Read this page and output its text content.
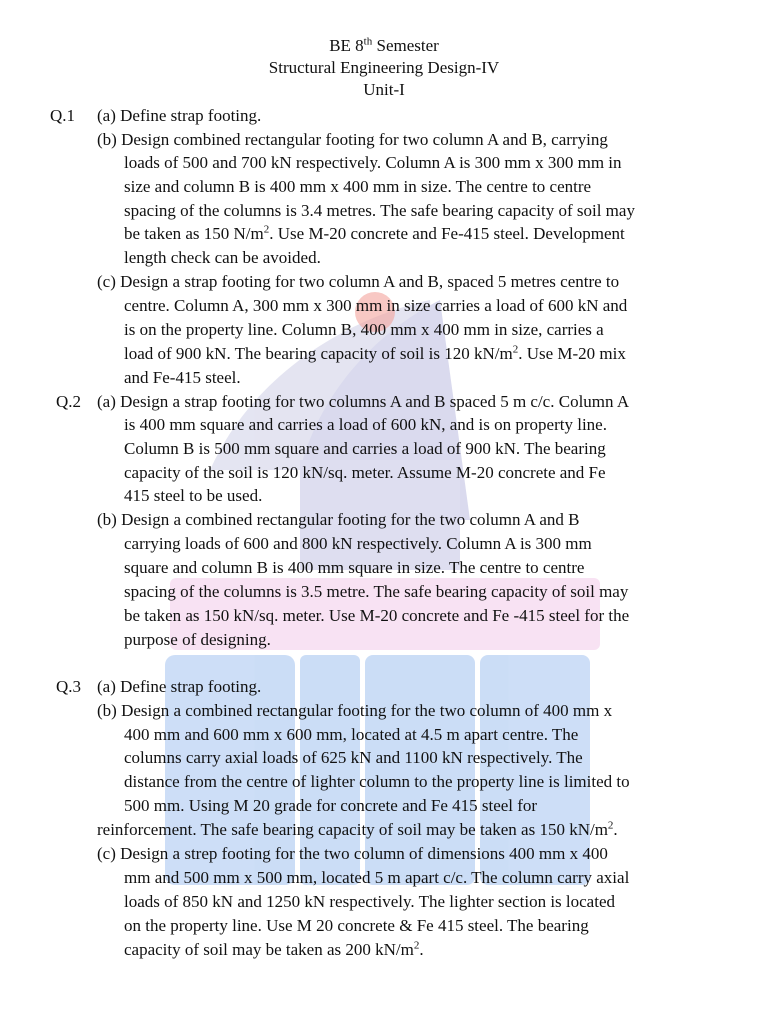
BE 8th Semester
Structural Engineering Design-IV
Unit-I
Q.1 (a) Define strap footing.
(b) Design combined rectangular footing for two column A and B, carrying
loads of 500 and 700 kN respectively. Column A is 300 mm x 300 mm in
size and column B is 400 mm x 400 mm in size. The centre to centre
spacing of the columns is 3.4 metres. The safe bearing capacity of soil may
be taken as 150 $N/m^2$. Use M-20 concrete and Fe-415 steel. Development
length check can be avoided.
(c) Design a strap footing for two column A and B, spaced 5 metres centre to
centre. Column A, 300 mm x 300 mm in size carries a load of 600 kN and
is on the property line. Column B, 400 mm x 400 mm in size, carries a
load of 900 kN. The bearing capacity of soil is 120 $kN/m^2$. Use M-20 mix
and Fe-415 steel.
Q.2 (a) Design a strap footing for two columns A and B spaced 5 m c/c. Column A
is 400 mm square and carries a load of 600 kN, and is on property line.
Column B is 500 mm square and carries a load of 900 kN. The bearing
capacity of the soil is 120 kN/sq. meter. Assume M-20 concrete and Fe
415 steel to be used.
(b) Design a combined rectangular footing for the two column A and B
carrying loads of 600 and 800 kN respectively. Column A is 300 mm
square and column B is 400 mm square in size. The centre to centre
spacing of the columns is 3.5 metre. The safe bearing capacity of soil may
be taken as 150 kN/sq. meter. Use M-20 concrete and Fe -415 steel for the
purpose of designing.
Q.3 (a) Define strap footing.
(b) Design a combined rectangular footing for the two column of 400 mm x
400 mm and 600 mm x 600 mm, located at 4.5 m apart centre. The
columns carry axial loads of 625 kN and 1100 kN respectively. The
distance from the centre of lighter column to the property line is limited to
500 mm. Using M 20 grade for concrete and Fe 415 steel for
reinforcement. The safe bearing capacity of soil may be taken as 150 $kN/m^2$.
(c) Design a strep footing for the two column of dimensions 400 mm x 400
mm and 500 mm x 500 mm, located 5 m apart c/c. The column carry axial
loads of 850 kN and 1250 kN respectively. The lighter section is located
on the property line. Use M 20 concrete & Fe 415 steel. The bearing
capacity of soil may be taken as 200 $kN/m^2$.
